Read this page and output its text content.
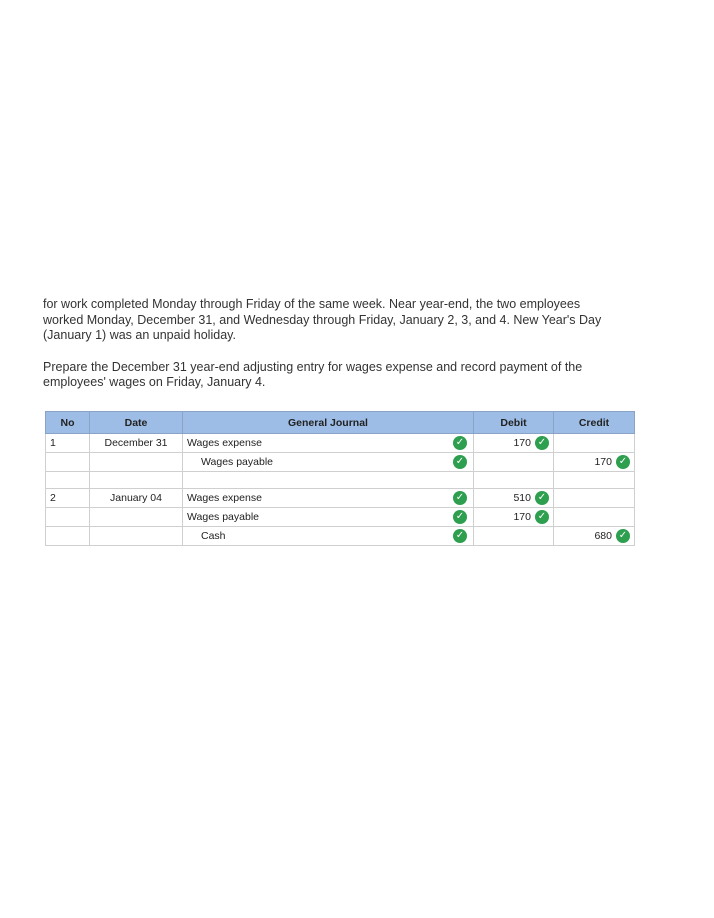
for work completed Monday through Friday of the same week. Near year-end, the two employees
worked Monday, December 31, and Wednesday through Friday, January 2, 3, and 4. New Year's Day
(January 1) was an unpaid holiday.

Prepare the December 31 year-end adjusting entry for wages expense and record payment of the employees' wages on Friday, January 4.

No	Date	General Journal	Debit	Credit
1	December 31	Wages expense ✓	170 ✓	
		Wages payable ✓		170 ✓

2	January 04	Wages expense ✓	510 ✓	
		Wages payable ✓	170 ✓	
		Cash ✓		680 ✓
